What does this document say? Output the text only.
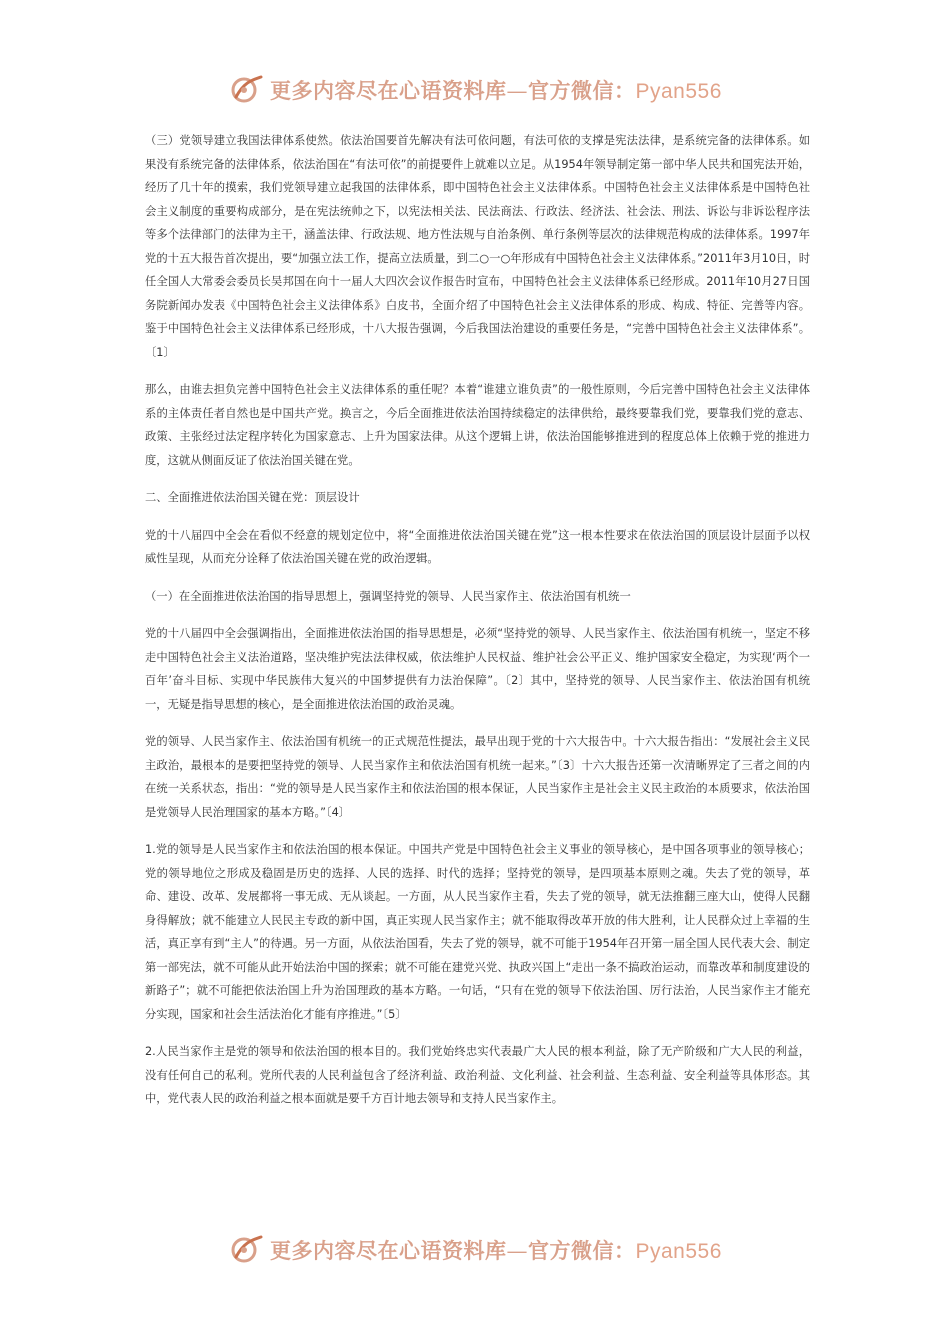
更多内容尽在心语资料库—官方微信：Pyan556

（三）党领导建立我国法律体系使然。依法治国要首先解决有法可依问题，有法可依的支撑是宪法法律，是系统完备的法律体系。如果没有系统完备的法律体系，依法治国在“有法可依”的前提要件上就难以立足。从1954年领导制定第一部中华人民共和国宪法开始，经历了几十年的摸索，我们党领导建立起我国的法律体系，即中国特色社会主义法律体系。中国特色社会主义法律体系是中国特色社会主义制度的重要构成部分，是在宪法统帅之下，以宪法相关法、民法商法、行政法、经济法、社会法、刑法、诉讼与非诉讼程序法等多个法律部门的法律为主干，涵盖法律、行政法规、地方性法规与自治条例、单行条例等层次的法律规范构成的法律体系。1997年党的十五大报告首次提出，要“加强立法工作，提高立法质量，到二○一○年形成有中国特色社会主义法律体系。”2011年3月10日，时任全国人大常委会委员长吴邦国在向十一届人大四次会议作报告时宣布，中国特色社会主义法律体系已经形成。2011年10月27日国务院新闻办发表《中国特色社会主义法律体系》白皮书，全面介绍了中国特色社会主义法律体系的形成、构成、特征、完善等内容。鉴于中国特色社会主义法律体系已经形成，十八大报告强调，今后我国法治建设的重要任务是，“完善中国特色社会主义法律体系”。〔1〕

那么，由谁去担负完善中国特色社会主义法律体系的重任呢？本着“谁建立谁负责”的一般性原则，今后完善中国特色社会主义法律体系的主体责任者自然也是中国共产党。换言之，今后全面推进依法治国持续稳定的法律供给，最终要靠我们党，要靠我们党的意志、政策、主张经过法定程序转化为国家意志、上升为国家法律。从这个逻辑上讲，依法治国能够推进到的程度总体上依赖于党的推进力度，这就从侧面反证了依法治国关键在党。

二、全面推进依法治国关键在党：顶层设计

党的十八届四中全会在看似不经意的规划定位中，将“全面推进依法治国关键在党”这一根本性要求在依法治国的顶层设计层面予以权威性呈现，从而充分诠释了依法治国关键在党的政治逻辑。

（一）在全面推进依法治国的指导思想上，强调坚持党的领导、人民当家作主、依法治国有机统一

党的十八届四中全会强调指出，全面推进依法治国的指导思想是，必须“坚持党的领导、人民当家作主、依法治国有机统一，坚定不移走中国特色社会主义法治道路，坚决维护宪法法律权威，依法维护人民权益、维护社会公平正义、维护国家安全稳定，为实现‘两个一百年’奋斗目标、实现中华民族伟大复兴的中国梦提供有力法治保障”。〔2〕其中，坚持党的领导、人民当家作主、依法治国有机统一，无疑是指导思想的核心，是全面推进依法治国的政治灵魂。

党的领导、人民当家作主、依法治国有机统一的正式规范性提法，最早出现于党的十六大报告中。十六大报告指出：“发展社会主义民主政治，最根本的是要把坚持党的领导、人民当家作主和依法治国有机统一起来。”〔3〕十六大报告还第一次清晰界定了三者之间的内在统一关系状态，指出：“党的领导是人民当家作主和依法治国的根本保证，人民当家作主是社会主义民主政治的本质要求，依法治国是党领导人民治理国家的基本方略。”〔4〕

1.党的领导是人民当家作主和依法治国的根本保证。中国共产党是中国特色社会主义事业的领导核心，是中国各项事业的领导核心；党的领导地位之形成及稳固是历史的选择、人民的选择、时代的选择；坚持党的领导，是四项基本原则之魂。失去了党的领导，革命、建设、改革、发展都将一事无成、无从谈起。一方面，从人民当家作主看，失去了党的领导，就无法推翻三座大山，使得人民翻身得解放；就不能建立人民民主专政的新中国，真正实现人民当家作主；就不能取得改革开放的伟大胜利，让人民群众过上幸福的生活，真正享有到“主人”的待遇。另一方面，从依法治国看，失去了党的领导，就不可能于1954年召开第一届全国人民代表大会、制定第一部宪法，就不可能从此开始法治中国的探索；就不可能在建党兴党、执政兴国上“走出一条不搞政治运动，而靠改革和制度建设的新路子”；就不可能把依法治国上升为治国理政的基本方略。一句话，“只有在党的领导下依法治国、厉行法治，人民当家作主才能充分实现，国家和社会生活法治化才能有序推进。”〔5〕

2.人民当家作主是党的领导和依法治国的根本目的。我们党始终忠实代表最广大人民的根本利益，除了无产阶级和广大人民的利益，没有任何自己的私利。党所代表的人民利益包含了经济利益、政治利益、文化利益、社会利益、生态利益、安全利益等具体形态。其中，党代表人民的政治利益之根本面就是要千方百计地去领导和支持人民当家作主。

更多内容尽在心语资料库—官方微信：Pyan556
